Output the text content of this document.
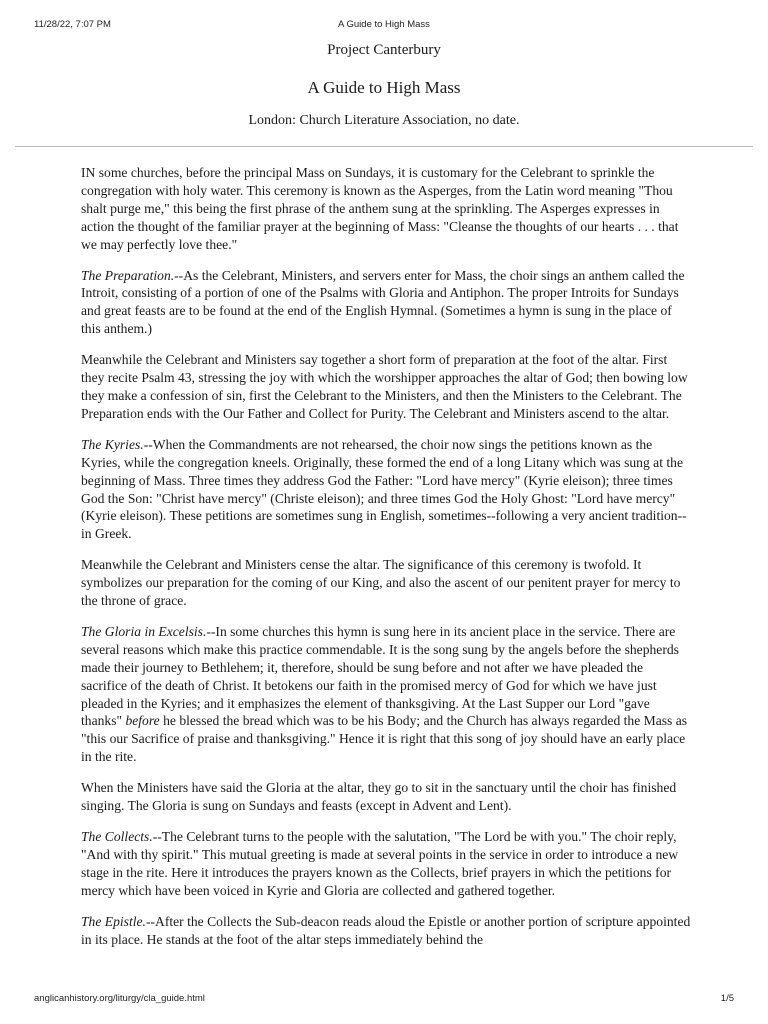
11/28/22, 7:07 PM	A Guide to High Mass
Project Canterbury
A Guide to High Mass
London: Church Literature Association, no date.

IN some churches, before the principal Mass on Sundays, it is customary for the Celebrant to sprinkle the congregation with holy water. This ceremony is known as the Asperges, from the Latin word meaning "Thou shalt purge me," this being the first phrase of the anthem sung at the sprinkling. The Asperges expresses in action the thought of the familiar prayer at the beginning of Mass: "Cleanse the thoughts of our hearts . . . that we may perfectly love thee."

The Preparation.--As the Celebrant, Ministers, and servers enter for Mass, the choir sings an anthem called the Introit, consisting of a portion of one of the Psalms with Gloria and Antiphon. The proper Introits for Sundays and great feasts are to be found at the end of the English Hymnal. (Sometimes a hymn is sung in the place of this anthem.)

Meanwhile the Celebrant and Ministers say together a short form of preparation at the foot of the altar. First they recite Psalm 43, stressing the joy with which the worshipper approaches the altar of God; then bowing low they make a confession of sin, first the Celebrant to the Ministers, and then the Ministers to the Celebrant. The Preparation ends with the Our Father and Collect for Purity. The Celebrant and Ministers ascend to the altar.

The Kyries.--When the Commandments are not rehearsed, the choir now sings the petitions known as the Kyries, while the congregation kneels. Originally, these formed the end of a long Litany which was sung at the beginning of Mass. Three times they address God the Father: "Lord have mercy" (Kyrie eleison); three times God the Son: "Christ have mercy" (Christe eleison); and three times God the Holy Ghost: "Lord have mercy" (Kyrie eleison). These petitions are sometimes sung in English, sometimes--following a very ancient tradition-- in Greek.

Meanwhile the Celebrant and Ministers cense the altar. The significance of this ceremony is twofold. It symbolizes our preparation for the coming of our King, and also the ascent of our penitent prayer for mercy to the throne of grace.

The Gloria in Excelsis.--In some churches this hymn is sung here in its ancient place in the service. There are several reasons which make this practice commendable. It is the song sung by the angels before the shepherds made their journey to Bethlehem; it, therefore, should be sung before and not after we have pleaded the sacrifice of the death of Christ. It betokens our faith in the promised mercy of God for which we have just pleaded in the Kyries; and it emphasizes the element of thanksgiving. At the Last Supper our Lord "gave thanks" before he blessed the bread which was to be his Body; and the Church has always regarded the Mass as "this our Sacrifice of praise and thanksgiving." Hence it is right that this song of joy should have an early place in the rite.

When the Ministers have said the Gloria at the altar, they go to sit in the sanctuary until the choir has finished singing. The Gloria is sung on Sundays and feasts (except in Advent and Lent).

The Collects.--The Celebrant turns to the people with the salutation, "The Lord be with you." The choir reply, "And with thy spirit." This mutual greeting is made at several points in the service in order to introduce a new stage in the rite. Here it introduces the prayers known as the Collects, brief prayers in which the petitions for mercy which have been voiced in Kyrie and Gloria are collected and gathered together.

The Epistle.--After the Collects the Sub-deacon reads aloud the Epistle or another portion of scripture appointed in its place. He stands at the foot of the altar steps immediately behind the

anglicanhistory.org/liturgy/cla_guide.html	1/5
